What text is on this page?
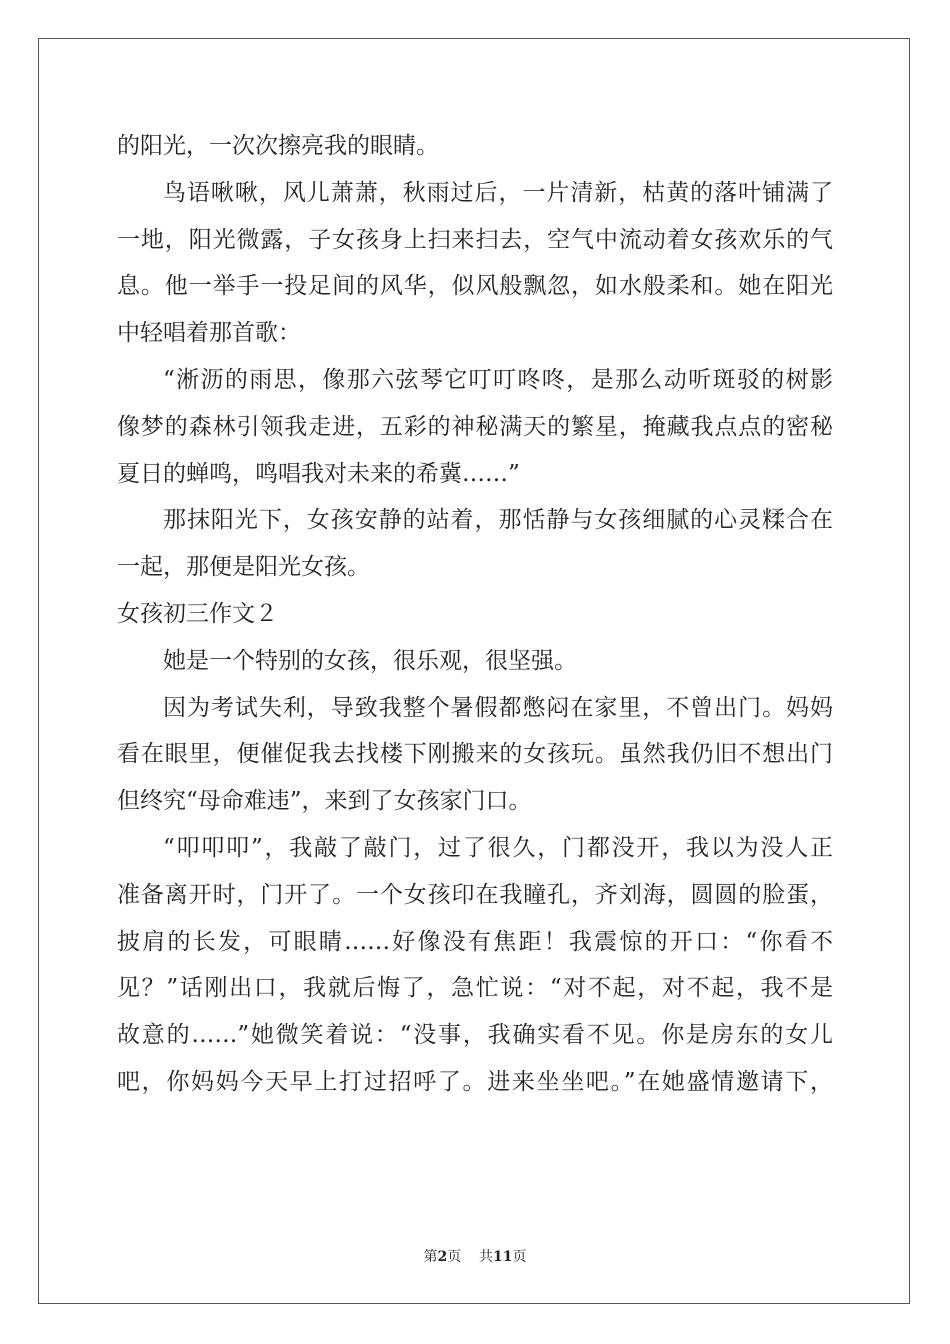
的阳光，一次次擦亮我的眼睛。
鸟语啾啾，风儿萧萧，秋雨过后，一片清新，枯黄的落叶铺满了
一地，阳光微露，子女孩身上扫来扫去，空气中流动着女孩欢乐的气
息。他一举手一投足间的风华，似风般飘忽，如水般柔和。她在阳光
中轻唱着那首歌：
“淅沥的雨思，像那六弦琴它叮叮咚咚，是那么动听斑驳的树影
像梦的森林引领我走进，五彩的神秘满天的繁星，掩藏我点点的密秘
夏日的蝉鸣，鸣唱我对未来的希冀……”
那抹阳光下，女孩安静的站着，那恬静与女孩细腻的心灵糅合在
一起，那便是阳光女孩。
女孩初三作文２
她是一个特别的女孩，很乐观，很坚强。
因为考试失利，导致我整个暑假都憋闷在家里，不曾出门。妈妈
看在眼里，便催促我去找楼下刚搬来的女孩玩。虽然我仍旧不想出门
但终究“母命难违”，来到了女孩家门口。
“叩叩叩”，我敲了敲门，过了很久，门都没开，我以为没人正
准备离开时，门开了。一个女孩印在我瞳孔，齐刘海，圆圆的脸蛋，
披肩的长发，可眼睛……好像没有焦距！我震惊的开口：“你看不
见？”话刚出口，我就后悔了，急忙说：“对不起，对不起，我不是
故意的……”她微笑着说：“没事，我确实看不见。你是房东的女儿
吧，你妈妈今天早上打过招呼了。进来坐坐吧。”在她盛情邀请下，
第2页 共11页
